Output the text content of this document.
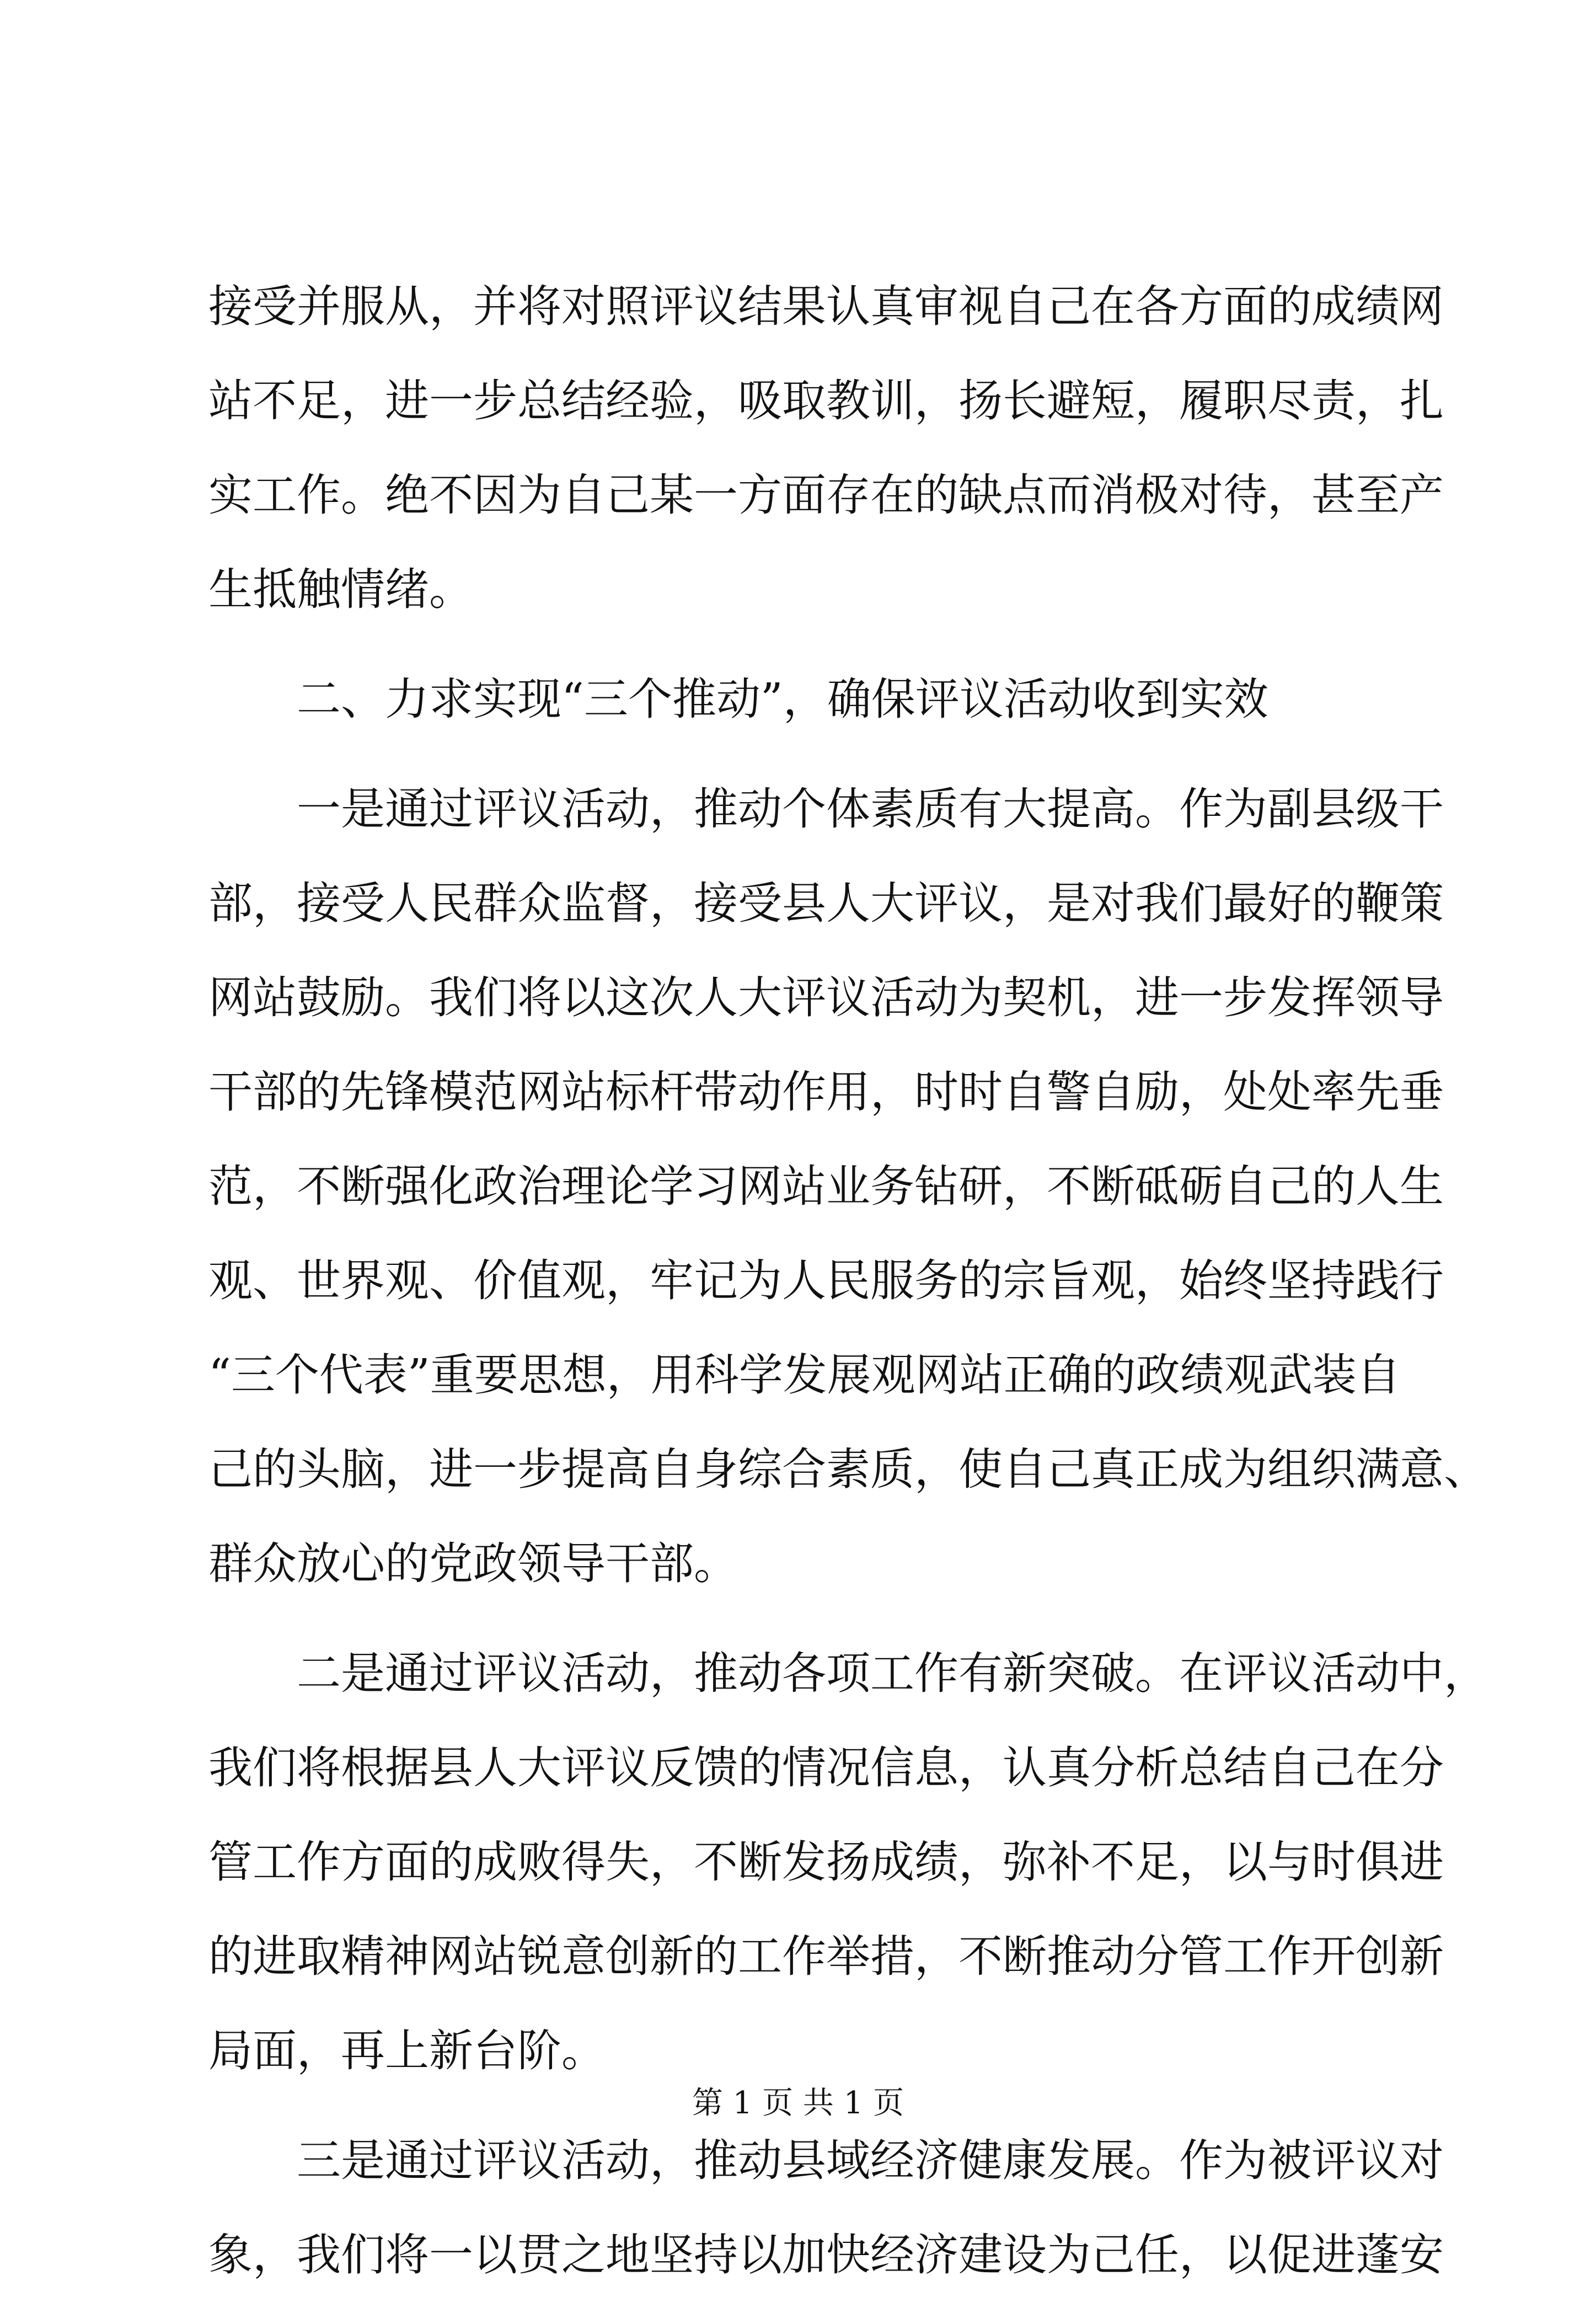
接受并服从，并将对照评议结果认真审视自己在各方面的成绩网
站不足，进一步总结经验，吸取教训，扬长避短，履职尽责，扎
实工作。绝不因为自己某一方面存在的缺点而消极对待，甚至产
生抵触情绪。
二、力求实现“三个推动”，确保评议活动收到实效
一是通过评议活动，推动个体素质有大提高。作为副县级干
部，接受人民群众监督，接受县人大评议，是对我们最好的鞭策
网站鼓励。我们将以这次人大评议活动为契机，进一步发挥领导
干部的先锋模范网站标杆带动作用，时时自警自励，处处率先垂
范，不断强化政治理论学习网站业务钻研，不断砥砺自己的人生
观、世界观、价值观，牢记为人民服务的宗旨观，始终坚持践行
“三个代表”重要思想，用科学发展观网站正确的政绩观武装自
己的头脑，进一步提高自身综合素质，使自己真正成为组织满意、
群众放心的党政领导干部。
二是通过评议活动，推动各项工作有新突破。在评议活动中，
我们将根据县人大评议反馈的情况信息，认真分析总结自己在分
管工作方面的成败得失，不断发扬成绩，弥补不足，以与时俱进
的进取精神网站锐意创新的工作举措，不断推动分管工作开创新
局面，再上新台阶。
三是通过评议活动，推动县域经济健康发展。作为被评议对
象，我们将一以贯之地坚持以加快经济建设为己任，以促进蓬安
第 1 页 共 1 页
